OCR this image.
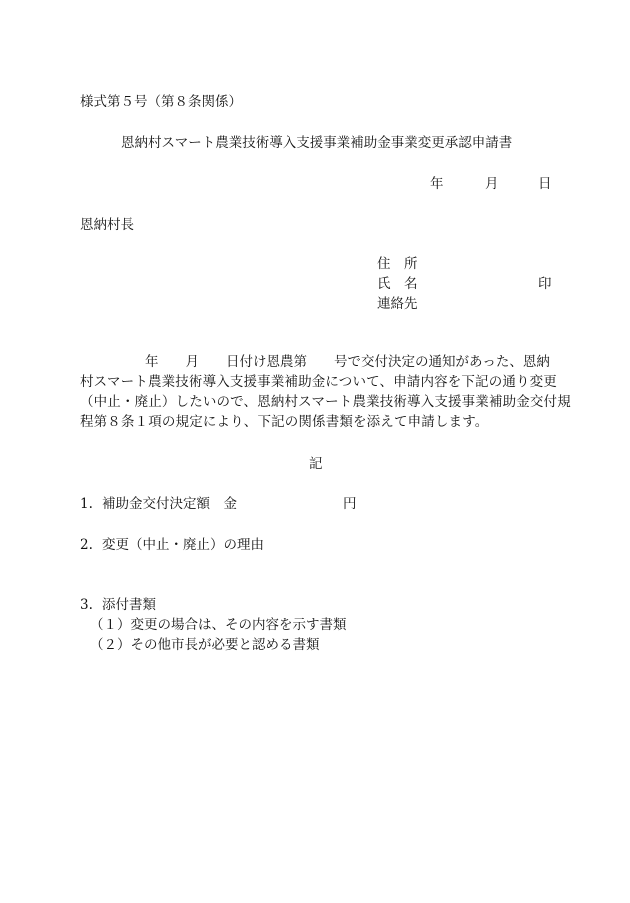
様式第５号（第８条関係）
恩納村スマート農業技術導入支援事業補助金事業変更承認申請書
年	月	日
恩納村長
住　所
氏　名	印
連絡先
年　　月　　日付け恩農第　　号で交付決定の通知があった、恩納
村スマート農業技術導入支援事業補助金について、申請内容を下記の通り変更
（中止・廃止）したいので、恩納村スマート農業技術導入支援事業補助金交付規
程第８条１項の規定により、下記の関係書類を添えて申請します。
記
1. 補助金交付決定額　金	円
2. 変更（中止・廃止）の理由
3. 添付書類
（１）変更の場合は、その内容を示す書類
（２）その他市長が必要と認める書類
